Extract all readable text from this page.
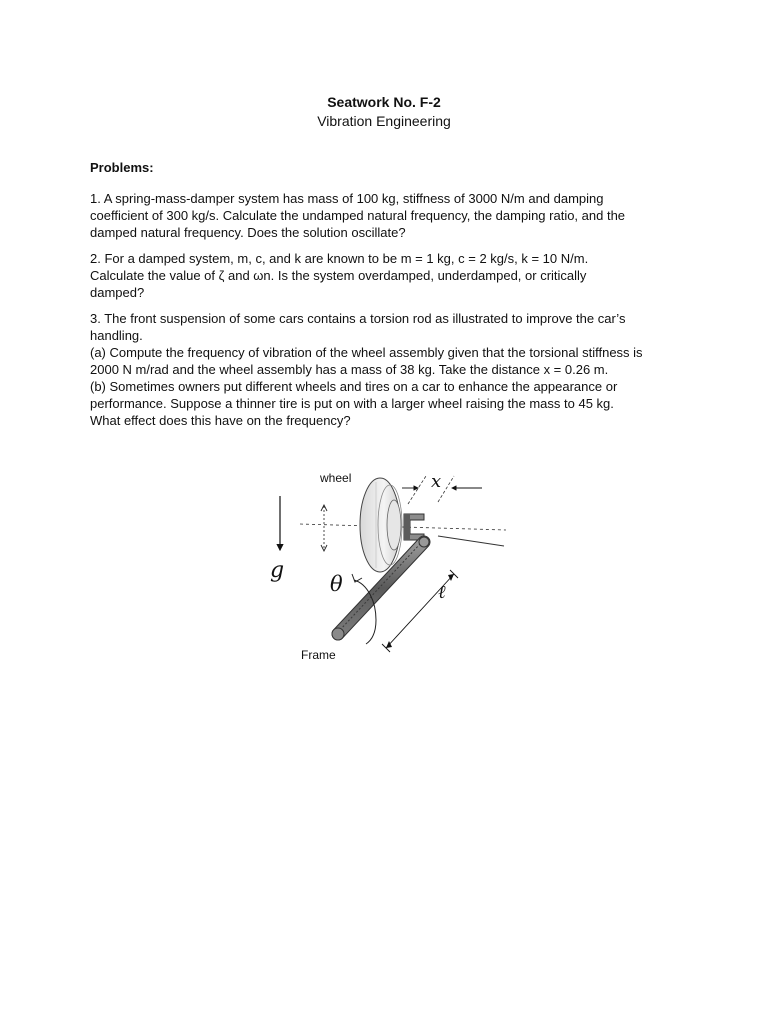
Seatwork No. F-2

Vibration Engineering

Problems:

1. A spring-mass-damper system has mass of 100 kg, stiffness of 3000 N/m and damping

coefficient of 300 kg/s. Calculate the undamped natural frequency, the damping ratio, and the

damped natural frequency. Does the solution oscillate?

2. For a damped system, m, c, and k are known to be m = 1 kg, c = 2 kg/s, k = 10 N/m.

Calculate the value of ζ and ωn. Is the system overdamped, underdamped, or critically

damped?

3. The front suspension of some cars contains a torsion rod as illustrated to improve the car’s

handling.

(a) Compute the frequency of vibration of the wheel assembly given that the torsional stiffness is

2000 N m/rad and the wheel assembly has a mass of 38 kg. Take the distance x = 0.26 m.

(b) Sometimes owners put different wheels and tires on a car to enhance the appearance or

performance. Suppose a thinner tire is put on with a larger wheel raising the mass to 45 kg.

What effect does this have on the frequency?

wheel
Frame
g
θ
x
ℓ
